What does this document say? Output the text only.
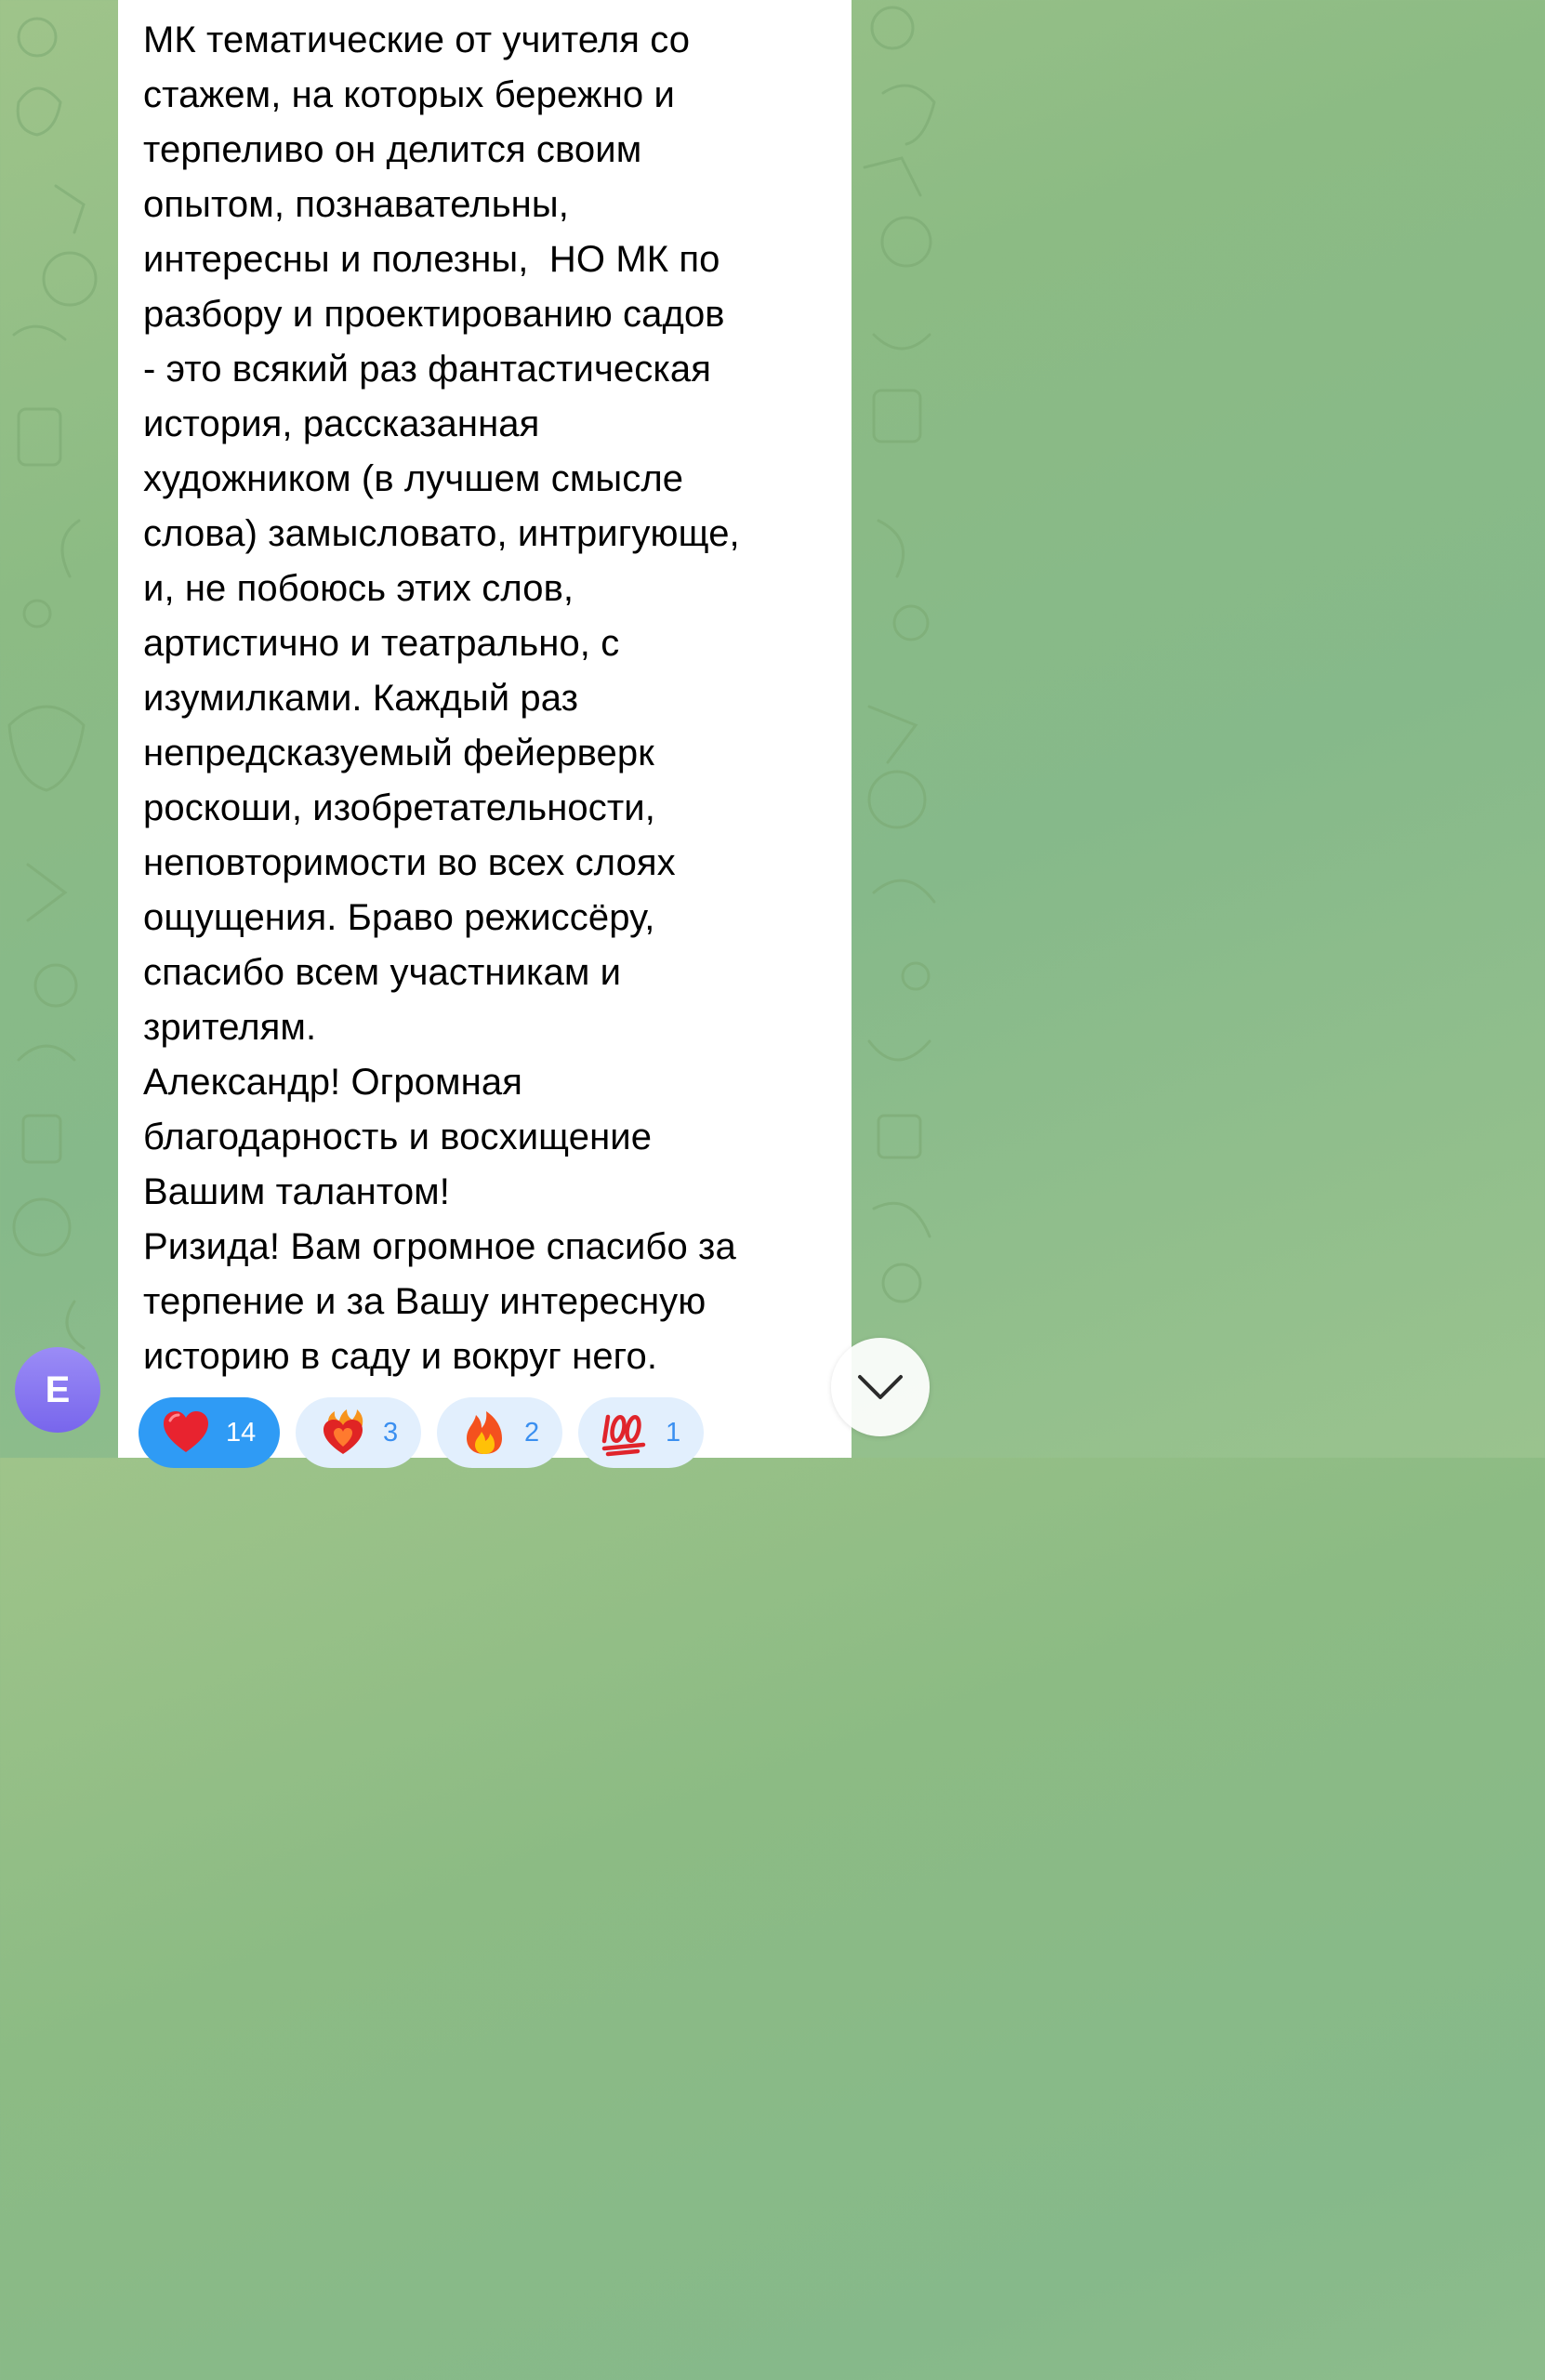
МК тематические от учителя со
стажем, на которых бережно и
терпеливо он делится своим
опытом, познавательны,
интересны и полезны,  НО МК по
разбору и проектированию садов
- это всякий раз фантастическая
история, рассказанная
художником (в лучшем смысле
слова) замысловато, интригующе,
и, не побоюсь этих слов,
артистично и театрально, с
изумилками. Каждый раз
непредсказуемый фейерверк
роскоши, изобретательности,
неповторимости во всех слоях
ощущения. Браво режиссёру,
спасибо всем участникам и
зрителям.
Александр! Огромная
благодарность и восхищение
Вашим талантом!
Ризида! Вам огромное спасибо за
терпение и за Вашу интересную
историю в саду и вокруг него.
14	3	2	1
E
